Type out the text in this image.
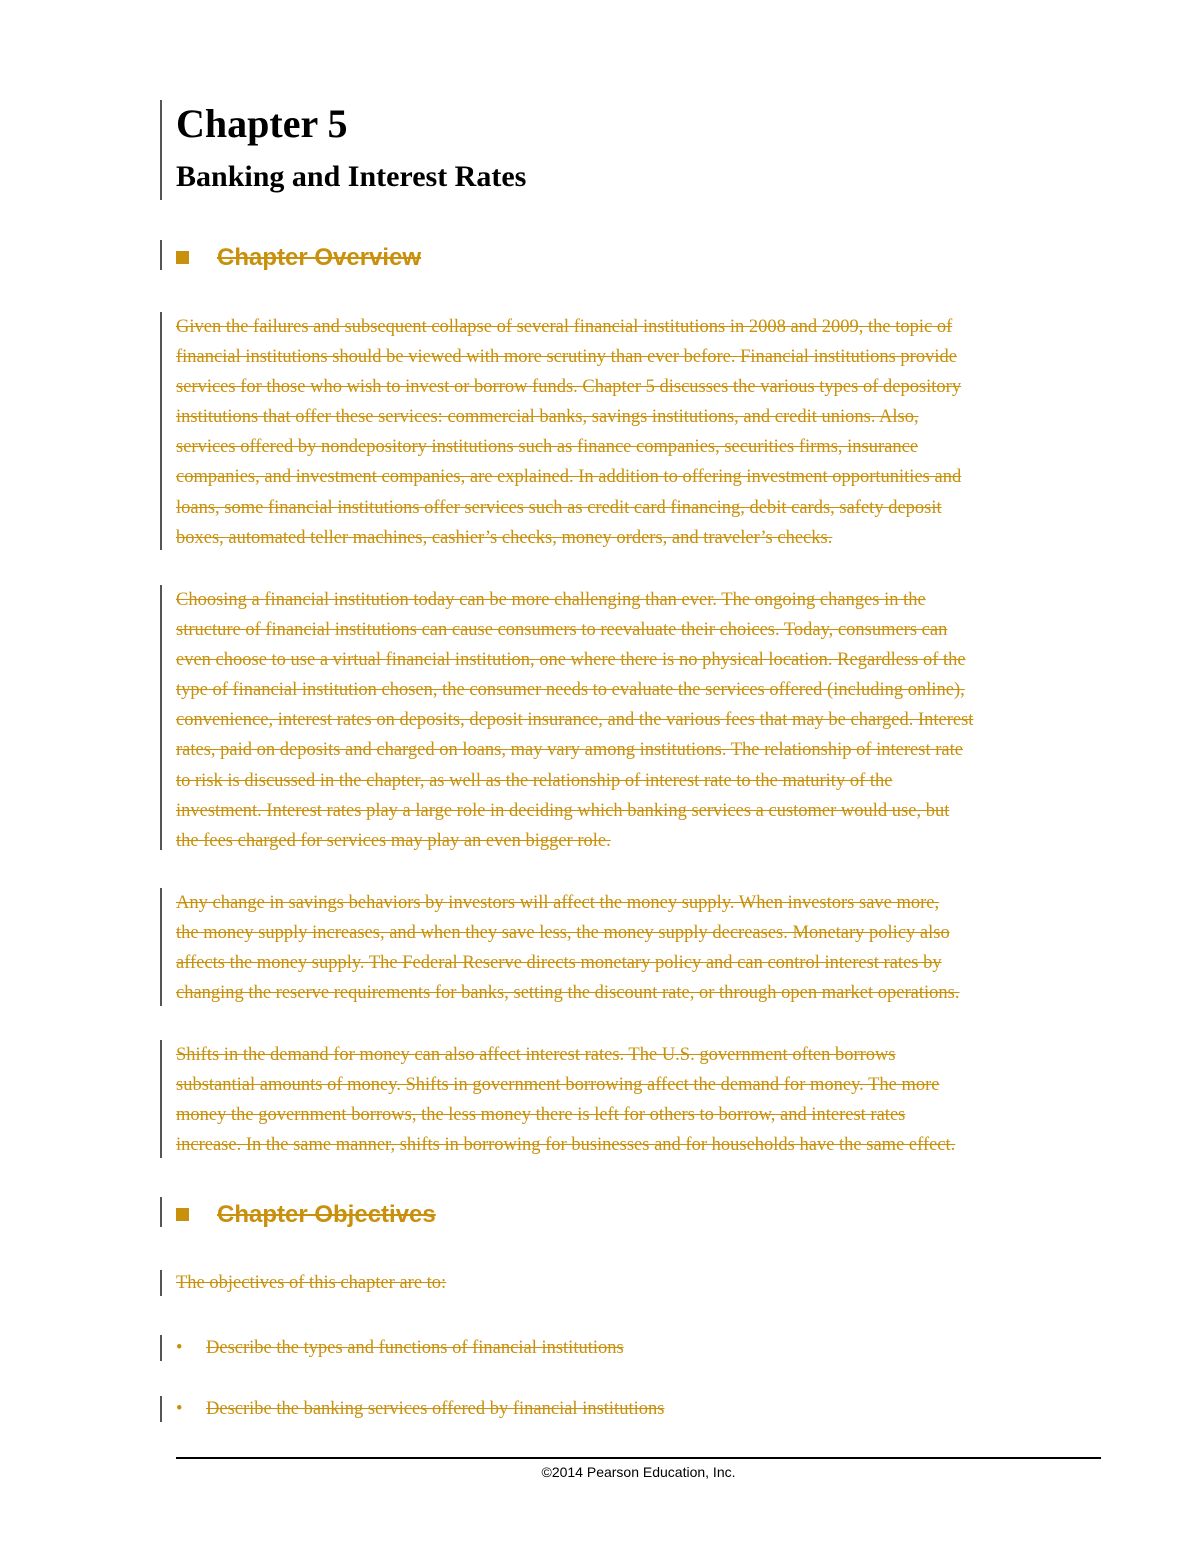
Chapter 5
Banking and Interest Rates
Chapter Overview

Given the failures and subsequent collapse of several financial institutions in 2008 and 2009, the topic of
financial institutions should be viewed with more scrutiny than ever before. Financial institutions provide
services for those who wish to invest or borrow funds. Chapter 5 discusses the various types of depository
institutions that offer these services: commercial banks, savings institutions, and credit unions. Also,
services offered by nondepository institutions such as finance companies, securities firms, insurance
companies, and investment companies, are explained. In addition to offering investment opportunities and
loans, some financial institutions offer services such as credit card financing, debit cards, safety deposit
boxes, automated teller machines, cashier’s checks, money orders, and traveler’s checks.

Choosing a financial institution today can be more challenging than ever. The ongoing changes in the
structure of financial institutions can cause consumers to reevaluate their choices. Today, consumers can
even choose to use a virtual financial institution, one where there is no physical location. Regardless of the
type of financial institution chosen, the consumer needs to evaluate the services offered (including online),
convenience, interest rates on deposits, deposit insurance, and the various fees that may be charged. Interest
rates, paid on deposits and charged on loans, may vary among institutions. The relationship of interest rate
to risk is discussed in the chapter, as well as the relationship of interest rate to the maturity of the
investment. Interest rates play a large role in deciding which banking services a customer would use, but
the fees charged for services may play an even bigger role.

Any change in savings behaviors by investors will affect the money supply. When investors save more,
the money supply increases, and when they save less, the money supply decreases. Monetary policy also
affects the money supply. The Federal Reserve directs monetary policy and can control interest rates by
changing the reserve requirements for banks, setting the discount rate, or through open market operations.

Shifts in the demand for money can also affect interest rates. The U.S. government often borrows
substantial amounts of money. Shifts in government borrowing affect the demand for money. The more
money the government borrows, the less money there is left for others to borrow, and interest rates
increase. In the same manner, shifts in borrowing for businesses and for households have the same effect.

Chapter Objectives

The objectives of this chapter are to:

• Describe the types and functions of financial institutions

• Describe the banking services offered by financial institutions

©2014 Pearson Education, Inc.
